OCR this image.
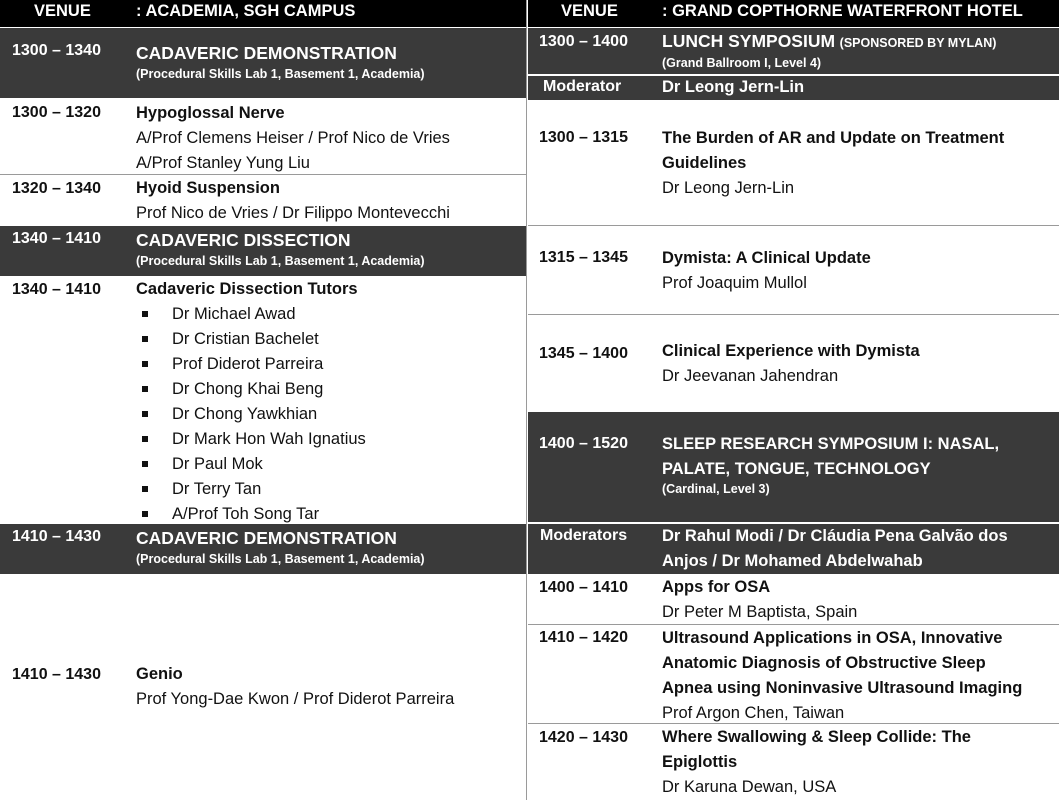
VENUE	: ACADEMIA, SGH CAMPUS
1300 – 1340 CADAVERIC DEMONSTRATION
(Procedural Skills Lab 1, Basement 1, Academia)
1300 – 1320 Hypoglossal Nerve
A/Prof Clemens Heiser / Prof Nico de Vries
A/Prof Stanley Yung Liu
1320 – 1340 Hyoid Suspension
Prof Nico de Vries / Dr Filippo Montevecchi
1340 – 1410 CADAVERIC DISSECTION
(Procedural Skills Lab 1, Basement 1, Academia)
1340 – 1410 Cadaveric Dissection Tutors
Dr Michael Awad
Dr Cristian Bachelet
Prof Diderot Parreira
Dr Chong Khai Beng
Dr Chong Yawkhian
Dr Mark Hon Wah Ignatius
Dr Paul Mok
Dr Terry Tan
A/Prof Toh Song Tar
1410 – 1430 CADAVERIC DEMONSTRATION
(Procedural Skills Lab 1, Basement 1, Academia)
1410 – 1430 Genio
Prof Yong-Dae Kwon / Prof Diderot Parreira
VENUE	: GRAND COPTHORNE WATERFRONT HOTEL
1300 – 1400 LUNCH SYMPOSIUM (SPONSORED BY MYLAN)
(Grand Ballroom I, Level 4)
Moderator Dr Leong Jern-Lin
1300 – 1315 The Burden of AR and Update on Treatment
Guidelines
Dr Leong Jern-Lin
1315 – 1345 Dymista: A Clinical Update
Prof Joaquim Mullol
1345 – 1400 Clinical Experience with Dymista
Dr Jeevanan Jahendran
1400 – 1520 SLEEP RESEARCH SYMPOSIUM I: NASAL,
PALATE, TONGUE, TECHNOLOGY
(Cardinal, Level 3)
Moderators Dr Rahul Modi / Dr Cláudia Pena Galvão dos
Anjos / Dr Mohamed Abdelwahab
1400 – 1410 Apps for OSA
Dr Peter M Baptista, Spain
1410 – 1420 Ultrasound Applications in OSA, Innovative
Anatomic Diagnosis of Obstructive Sleep
Apnea using Noninvasive Ultrasound Imaging
Prof Argon Chen, Taiwan
1420 – 1430 Where Swallowing & Sleep Collide: The
Epiglottis
Dr Karuna Dewan, USA
